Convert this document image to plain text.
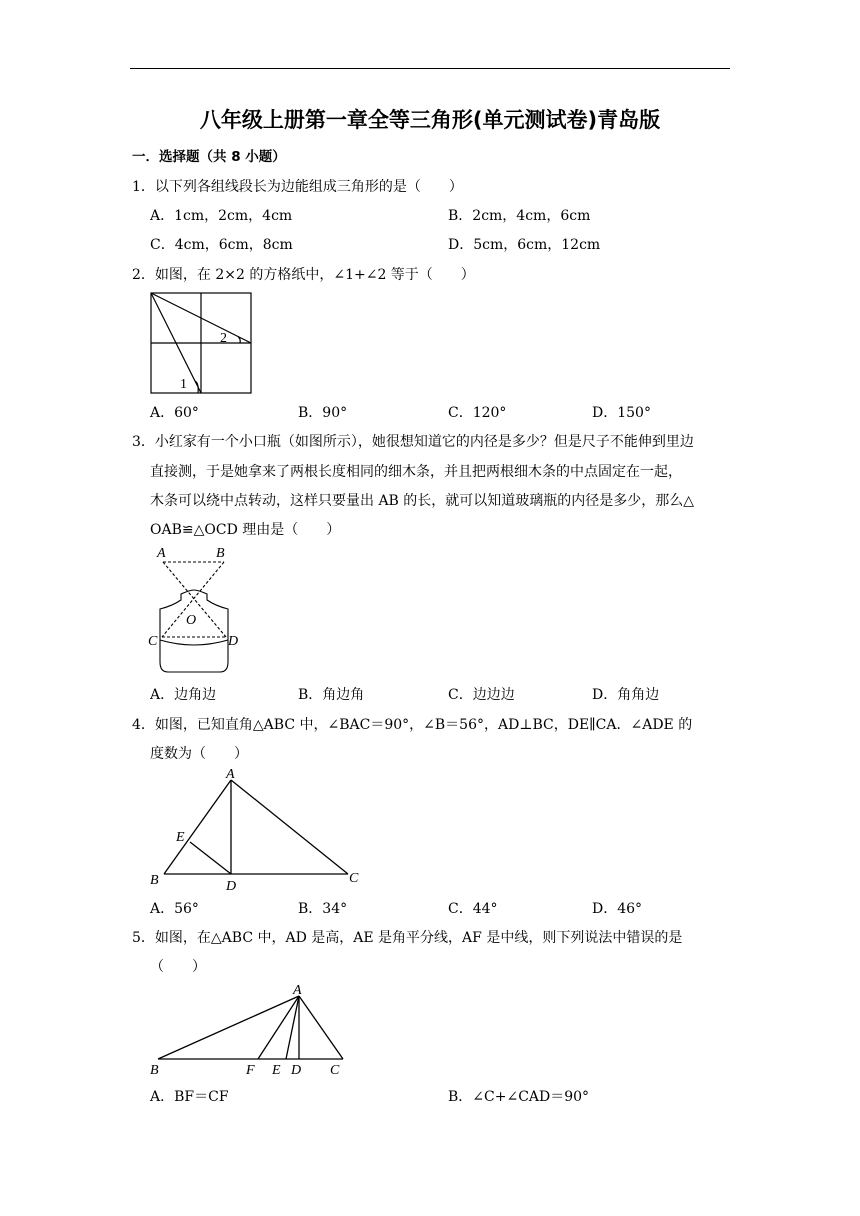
八年级上册第一章全等三角形(单元测试卷)青岛版
一．选择题（共 8 小题）
1．以下列各组线段长为边能组成三角形的是（　　）
A．1cm，2cm，4cm	B．2cm，4cm，6cm
C．4cm，6cm，8cm	D．5cm，6cm，12cm
2．如图，在 2×2 的方格纸中，∠1+∠2 等于（　　）
2
1
A．60°	B．90°	C．120°	D．150°
3．小红家有一个小口瓶（如图所示），她很想知道它的内径是多少？但是尺子不能伸到里边
直接测，于是她拿来了两根长度相同的细木条，并且把两根细木条的中点固定在一起，
木条可以绕中点转动，这样只要量出 AB 的长，就可以知道玻璃瓶的内径是多少，那么△
OAB≌△OCD 理由是（　　）
A	B
O
C	D
A．边角边	B．角边角	C．边边边	D．角角边
4．如图，已知直角△ABC 中，∠BAC＝90°，∠B＝56°，AD⊥BC，DE∥CA．∠ADE 的
度数为（　　）
A
E
B	D
C
A．56°	B．34°	C．44°	D．46°
5．如图，在△ABC 中，AD 是高，AE 是角平分线，AF 是中线，则下列说法中错误的是
（　　）
A
B	F E D C
A．BF＝CF	B．∠C+∠CAD＝90°
